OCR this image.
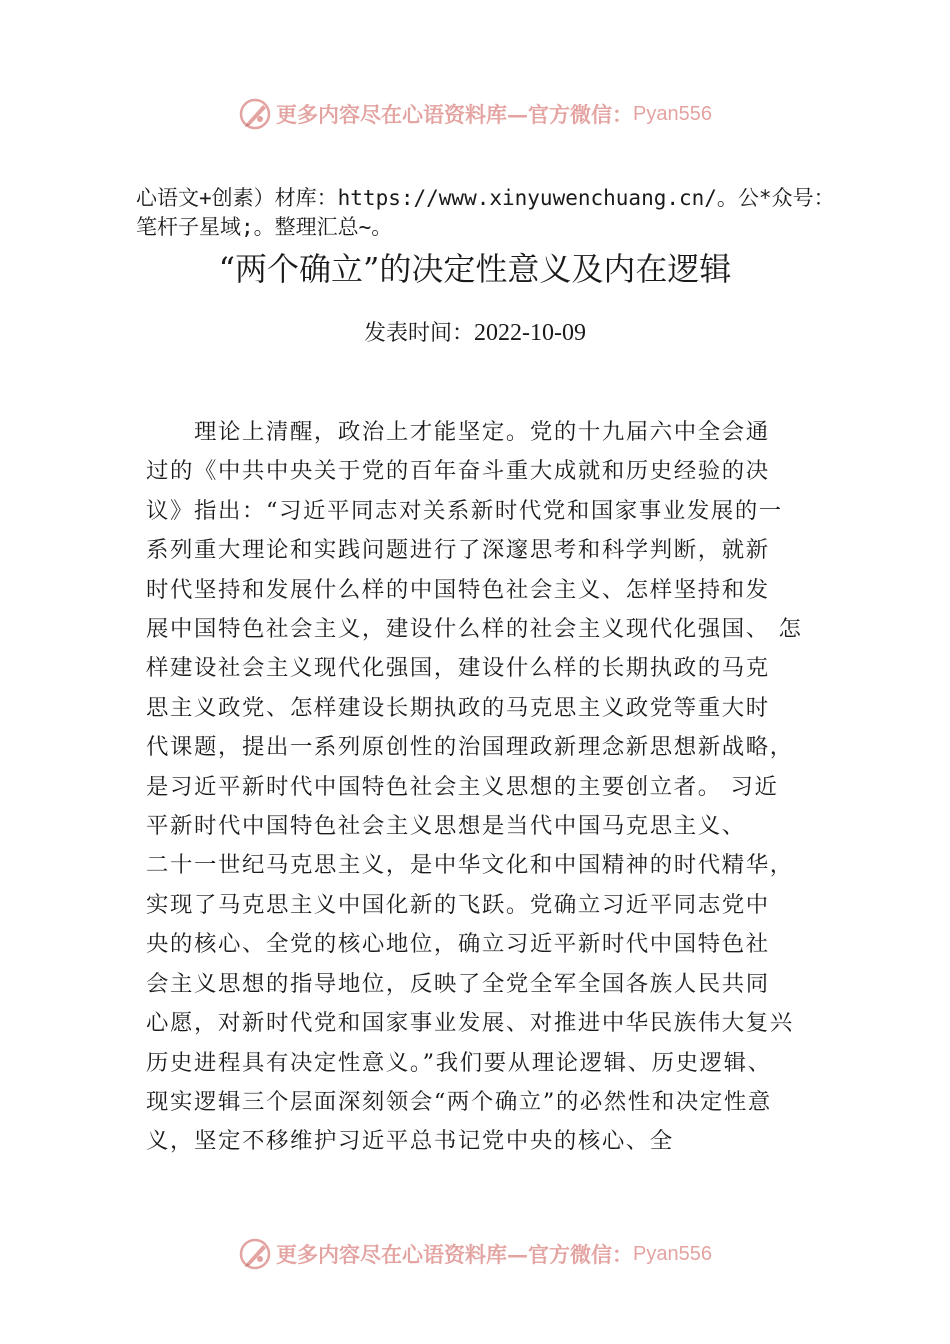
更多内容尽在心语资料库—官方微信： Pyan556
心语文+创素）材库：https://www.xinyuwenchuang.cn/。公*众号：笔杆子星域;。整理汇总~。
“两个确立”的决定性意义及内在逻辑
发表时间：2022-10-09

　　理论上清醒，政治上才能坚定。党的十九届六中全会通
过的《中共中央关于党的百年奋斗重大成就和历史经验的决
议》指出：“习近平同志对关系新时代党和国家事业发展的一
系列重大理论和实践问题进行了深邃思考和科学判断，就新
时代坚持和发展什么样的中国特色社会主义、怎样坚持和发
展中国特色社会主义，建设什么样的社会主义现代化强国、 怎
样建设社会主义现代化强国，建设什么样的长期执政的马克
思主义政党、怎样建设长期执政的马克思主义政党等重大时
代课题，提出一系列原创性的治国理政新理念新思想新战略，
是习近平新时代中国特色社会主义思想的主要创立者。 习近
平新时代中国特色社会主义思想是当代中国马克思主义、
二十一世纪马克思主义，是中华文化和中国精神的时代精华，
实现了马克思主义中国化新的飞跃。党确立习近平同志党中
央的核心、全党的核心地位，确立习近平新时代中国特色社
会主义思想的指导地位，反映了全党全军全国各族人民共同
心愿，对新时代党和国家事业发展、对推进中华民族伟大复兴
历史进程具有决定性意义。”我们要从理论逻辑、历史逻辑、
现实逻辑三个层面深刻领会“两个确立”的必然性和决定性意
义，坚定不移维护习近平总书记党中央的核心、全

更多内容尽在心语资料库—官方微信： Pyan556
